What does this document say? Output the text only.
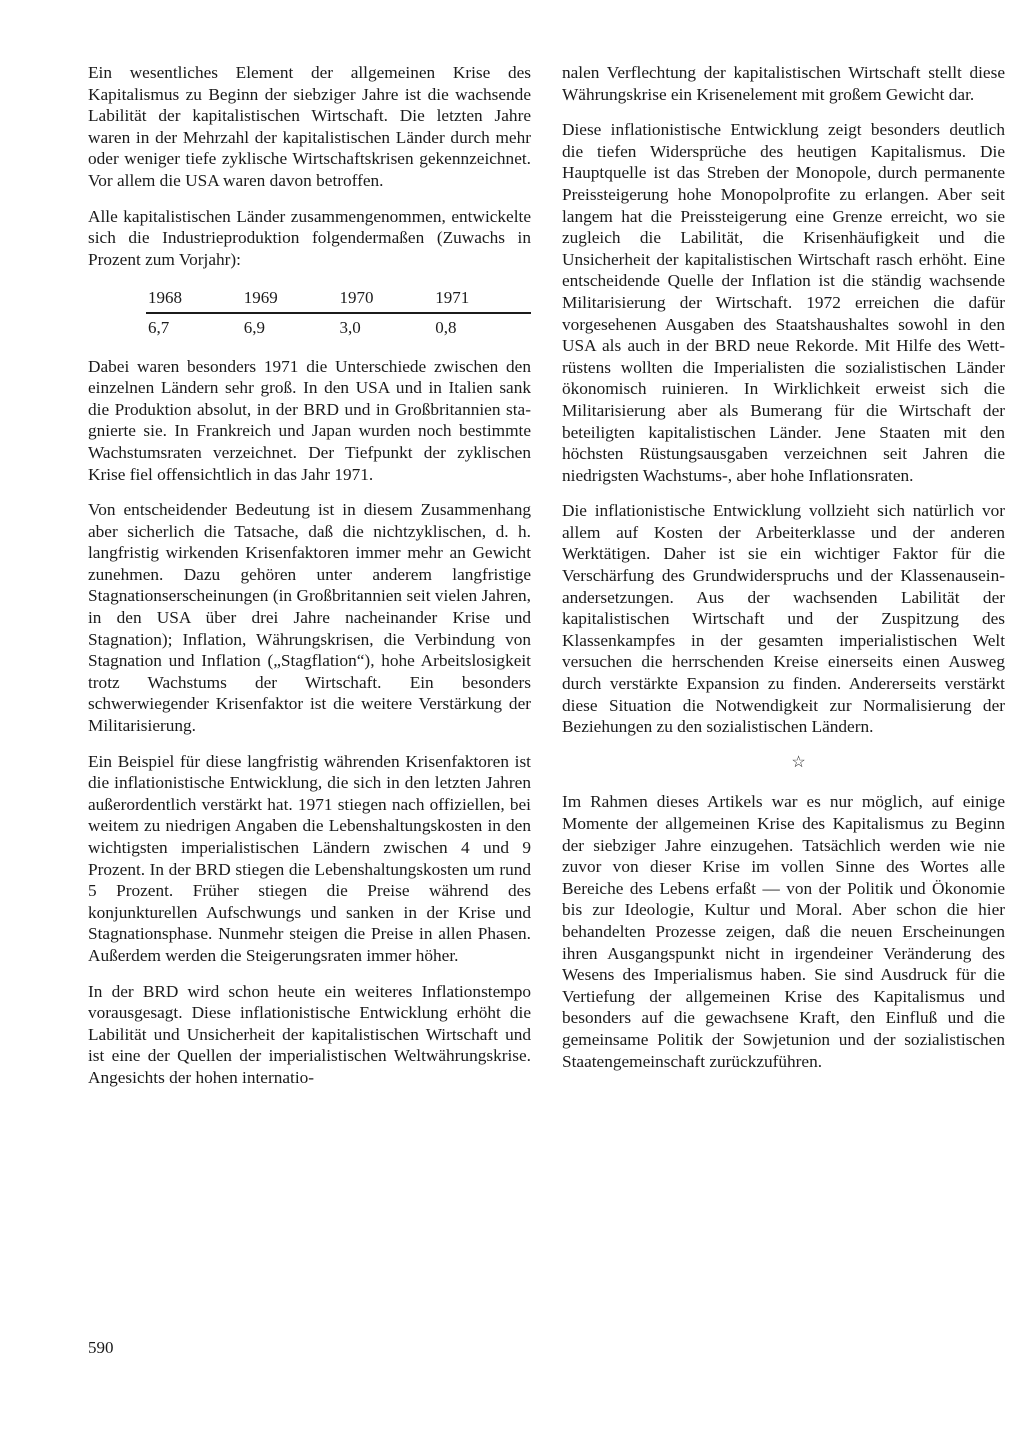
Ein wesentliches Element der allgemeinen Krise des Kapitalismus zu Beginn der siebziger Jahre ist die wachsende Labilität der kapitalistischen Wirtschaft. Die letzten Jahre waren in der Mehrzahl der kapitalistischen Länder durch mehr oder weniger tiefe zyklische Wirtschaftskrisen gekennzeichnet. Vor allem die USA waren davon betroffen.

Alle kapitalistischen Länder zusammengenommen, entwickelte sich die Industrieproduktion folgendermaßen (Zuwachs in Prozent zum Vorjahr):

1968	1969	1970	1971
6,7	6,9	3,0	0,8

Dabei waren besonders 1971 die Unterschiede zwischen den einzelnen Ländern sehr groß. In den USA und in Italien sank die Produktion absolut, in der BRD und in Großbritannien stagnierte sie. In Frankreich und Japan wurden noch bestimmte Wachstumsraten verzeichnet. Der Tiefpunkt der zyklischen Krise fiel offensichtlich in das Jahr 1971.

Von entscheidender Bedeutung ist in diesem Zusammenhang aber sicherlich die Tatsache, daß die nichtzyklischen, d. h. langfristig wirkenden Krisenfaktoren immer mehr an Gewicht zunehmen. Dazu gehören unter anderem langfristige Stagnationserscheinungen (in Großbritannien seit vielen Jahren, in den USA über drei Jahre nacheinander Krise und Stagnation); Inflation, Währungskrisen, die Verbindung von Stagnation und Inflation („Stagflation“), hohe Arbeitslosigkeit trotz Wachstums der Wirtschaft. Ein besonders schwerwiegender Krisenfaktor ist die weitere Verstärkung der Militarisierung.

Ein Beispiel für diese langfristig währenden Krisenfaktoren ist die inflationistische Entwicklung, die sich in den letzten Jahren außerordentlich verstärkt hat. 1971 stiegen nach offiziellen, bei weitem zu niedrigen Angaben die Lebenshaltungskosten in den wichtigsten imperialistischen Ländern zwischen 4 und 9 Prozent. In der BRD stiegen die Lebenshaltungskosten um rund 5 Prozent. Früher stiegen die Preise während des konjunkturellen Aufschwungs und sanken in der Krise und Stagnationsphase. Nunmehr steigen die Preise in allen Phasen. Außerdem werden die Steigerungsraten immer höher.

In der BRD wird schon heute ein weiteres Inflationstempo vorausgesagt. Diese inflationistische Entwicklung erhöht die Labilität und Unsicherheit der kapitalistischen Wirtschaft und ist eine der Quellen der imperialistischen Weltwährungskrise. Angesichts der hohen internatio-

nalen Verflechtung der kapitalistischen Wirtschaft stellt diese Währungskrise ein Krisenelement mit großem Gewicht dar.

Diese inflationistische Entwicklung zeigt besonders deutlich die tiefen Widersprüche des heutigen Kapitalismus. Die Hauptquelle ist das Streben der Monopole, durch permanente Preissteigerung hohe Monopolprofite zu erlangen. Aber seit langem hat die Preissteigerung eine Grenze erreicht, wo sie zugleich die Labilität, die Krisenhäufigkeit und die Unsicherheit der kapitalistischen Wirtschaft rasch erhöht. Eine entscheidende Quelle der Inflation ist die ständig wachsende Militarisierung der Wirtschaft. 1972 erreichen die dafür vorgesehenen Ausgaben des Staatshaushaltes sowohl in den USA als auch in der BRD neue Rekorde. Mit Hilfe des Wettrüstens wollten die Imperialisten die sozialistischen Länder ökonomisch ruinieren. In Wirklichkeit erweist sich die Militarisierung aber als Bumerang für die Wirtschaft der beteiligten kapitalistischen Länder. Jene Staaten mit den höchsten Rüstungsausgaben verzeichnen seit Jahren die niedrigsten Wachstums-, aber hohe Inflationsraten.

Die inflationistische Entwicklung vollzieht sich natürlich vor allem auf Kosten der Arbeiterklasse und der anderen Werktätigen. Daher ist sie ein wichtiger Faktor für die Verschärfung des Grundwiderspruchs und der Klassenauseinandersetzungen. Aus der wachsenden Labilität der kapitalistischen Wirtschaft und der Zuspitzung des Klassenkampfes in der gesamten imperialistischen Welt versuchen die herrschenden Kreise einerseits einen Ausweg durch verstärkte Expansion zu finden. Andererseits verstärkt diese Situation die Notwendigkeit zur Normalisierung der Beziehungen zu den sozialistischen Ländern.

☆

Im Rahmen dieses Artikels war es nur möglich, auf einige Momente der allgemeinen Krise des Kapitalismus zu Beginn der siebziger Jahre einzugehen. Tatsächlich werden wie nie zuvor von dieser Krise im vollen Sinne des Wortes alle Bereiche des Lebens erfaßt — von der Politik und Ökonomie bis zur Ideologie, Kultur und Moral. Aber schon die hier behandelten Prozesse zeigen, daß die neuen Erscheinungen ihren Ausgangspunkt nicht in irgendeiner Veränderung des Wesens des Imperialismus haben. Sie sind Ausdruck für die Vertiefung der allgemeinen Krise des Kapitalismus und besonders auf die gewachsene Kraft, den Einfluß und die gemeinsame Politik der Sowjetunion und der sozialistischen Staatengemeinschaft zurückzuführen.

590
